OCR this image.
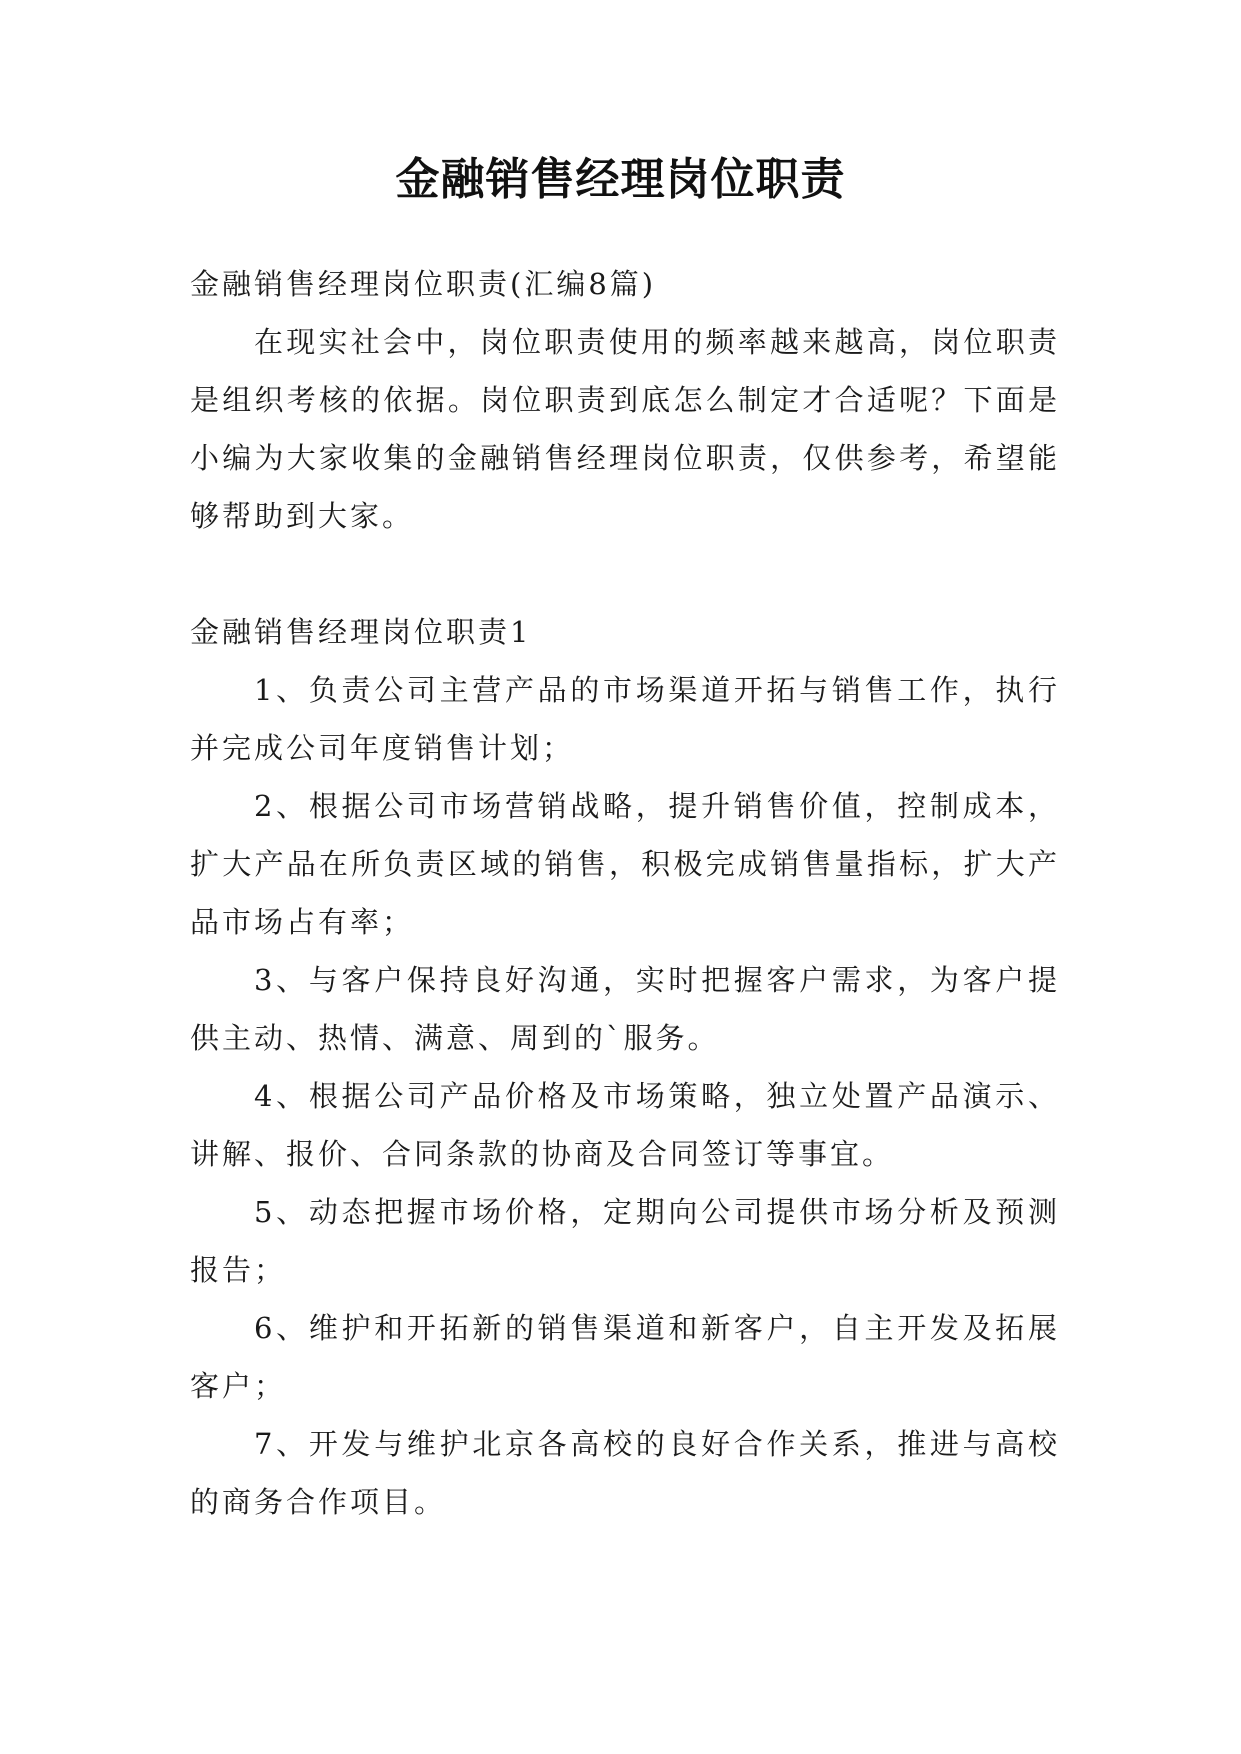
金融销售经理岗位职责

金融销售经理岗位职责(汇编8篇)

在现实社会中，岗位职责使用的频率越来越高，岗位职责是组织考核的依据。岗位职责到底怎么制定才合适呢？下面是小编为大家收集的金融销售经理岗位职责，仅供参考，希望能够帮助到大家。

金融销售经理岗位职责1

1、负责公司主营产品的市场渠道开拓与销售工作，执行并完成公司年度销售计划；

2、根据公司市场营销战略，提升销售价值，控制成本，扩大产品在所负责区域的销售，积极完成销售量指标，扩大产品市场占有率；

3、与客户保持良好沟通，实时把握客户需求，为客户提供主动、热情、满意、周到的`服务。

4、根据公司产品价格及市场策略，独立处置产品演示、讲解、报价、合同条款的协商及合同签订等事宜。

5、动态把握市场价格，定期向公司提供市场分析及预测报告；

6、维护和开拓新的销售渠道和新客户，自主开发及拓展客户；

7、开发与维护北京各高校的良好合作关系，推进与高校的商务合作项目。
